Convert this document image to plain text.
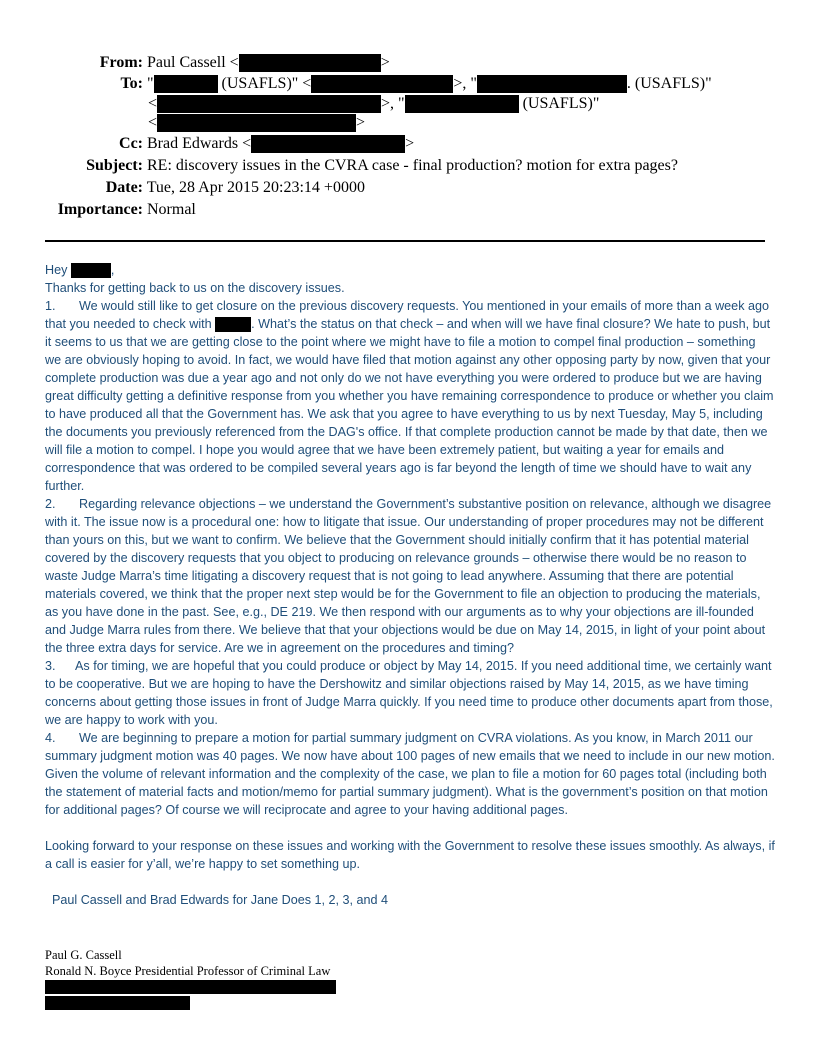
From: Paul Cassell <	>
To: "	(USAFLS)" <	>, "	. (USAFLS)"
<	>, "	(USAFLS)"
<	>
Cc: Brad Edwards <	>
Subject: RE: discovery issues in the CVRA case - final production? motion for extra pages?
Date: Tue, 28 Apr 2015 20:23:14 +0000
Importance: Normal

Hey	,

Thanks for getting back to us on the discovery issues.

1. We would still like to get closure on the previous discovery requests. You mentioned in your emails of more than a week ago that you needed to check with	. What’s the status on that check – and when will we have final closure? We hate to push, but it seems to us that we are getting close to the point where we might have to file a motion to compel final production – something we are obviously hoping to avoid. In fact, we would have filed that motion against any other opposing party by now, given that your complete production was due a year ago and not only do we not have everything you were ordered to produce but we are having great difficulty getting a definitive response from you whether you have remaining correspondence to produce or whether you claim to have produced all that the Government has. We ask that you agree to have everything to us by next Tuesday, May 5, including the documents you previously referenced from the DAG's office. If that complete production cannot be made by that date, then we will file a motion to compel. I hope you would agree that we have been extremely patient, but waiting a year for emails and correspondence that was ordered to be compiled several years ago is far beyond the length of time we should have to wait any further.

2. Regarding relevance objections – we understand the Government’s substantive position on relevance, although we disagree with it. The issue now is a procedural one: how to litigate that issue. Our understanding of proper procedures may not be different than yours on this, but we want to confirm. We believe that the Government should initially confirm that it has potential material covered by the discovery requests that you object to producing on relevance grounds – otherwise there would be no reason to waste Judge Marra’s time litigating a discovery request that is not going to lead anywhere. Assuming that there are potential materials covered, we think that the proper next step would be for the Government to file an objection to producing the materials, as you have done in the past. See, e.g., DE 219. We then respond with our arguments as to why your objections are ill-founded and Judge Marra rules from there. We believe that that your objections would be due on May 14, 2015, in light of your point about the three extra days for service. Are we in agreement on the procedures and timing?

3. As for timing, we are hopeful that you could produce or object by May 14, 2015. If you need additional time, we certainly want to be cooperative. But we are hoping to have the Dershowitz and similar objections raised by May 14, 2015, as we have timing concerns about getting those issues in front of Judge Marra quickly. If you need time to produce other documents apart from those, we are happy to work with you.

4. We are beginning to prepare a motion for partial summary judgment on CVRA violations. As you know, in March 2011 our summary judgment motion was 40 pages. We now have about 100 pages of new emails that we need to include in our new motion. Given the volume of relevant information and the complexity of the case, we plan to file a motion for 60 pages total (including both the statement of material facts and motion/memo for partial summary judgment). What is the government’s position on that motion for additional pages? Of course we will reciprocate and agree to your having additional pages.

Looking forward to your response on these issues and working with the Government to resolve these issues smoothly. As always, if a call is easier for y’all, we’re happy to set something up.

Paul Cassell and Brad Edwards for Jane Does 1, 2, 3, and 4

Paul G. Cassell
Ronald N. Boyce Presidential Professor of Criminal Law
